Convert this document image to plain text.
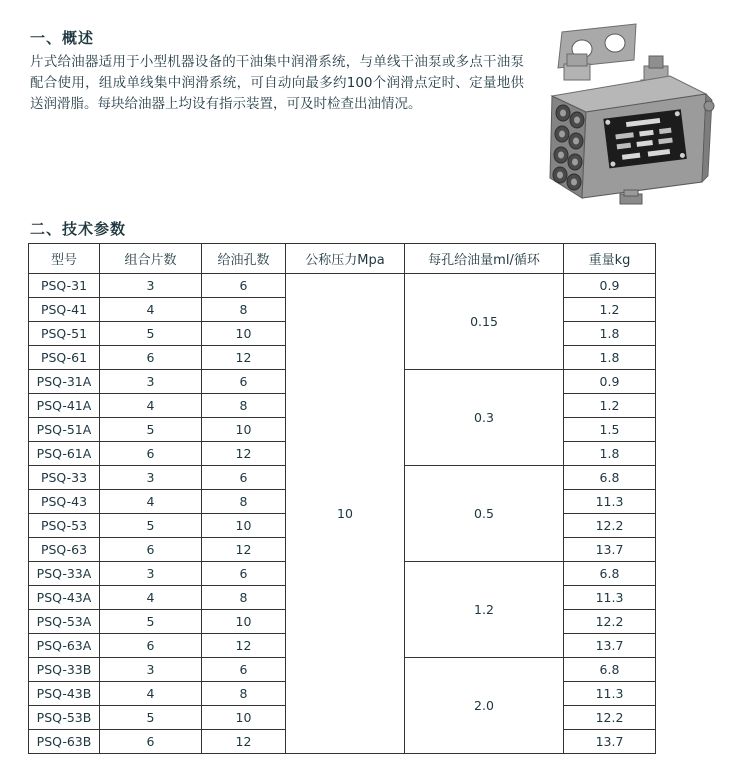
一、概述
片式给油器适用于小型机器设备的干油集中润滑系统，与单线干油泵或多点干油泵配合使用，组成单线集中润滑系统，可自动向最多约100个润滑点定时、定量地供送润滑脂。每块给油器上均设有指示装置，可及时检查出油情况。
二、技术参数
型号	组合片数	给油孔数	公称压力Mpa	每孔给油量ml/循环	重量kg
PSQ-31	3	6	10	0.15	0.9
PSQ-41	4	8			1.2
PSQ-51	5	10			1.8
PSQ-61	6	12			1.8
PSQ-31A	3	6		0.3	0.9
PSQ-41A	4	8			1.2
PSQ-51A	5	10			1.5
PSQ-61A	6	12			1.8
PSQ-33	3	6		0.5	6.8
PSQ-43	4	8			11.3
PSQ-53	5	10			12.2
PSQ-63	6	12			13.7
PSQ-33A	3	6		1.2	6.8
PSQ-43A	4	8			11.3
PSQ-53A	5	10			12.2
PSQ-63A	6	12			13.7
PSQ-33B	3	6		2.0	6.8
PSQ-43B	4	8			11.3
PSQ-53B	5	10			12.2
PSQ-63B	6	12			13.7
